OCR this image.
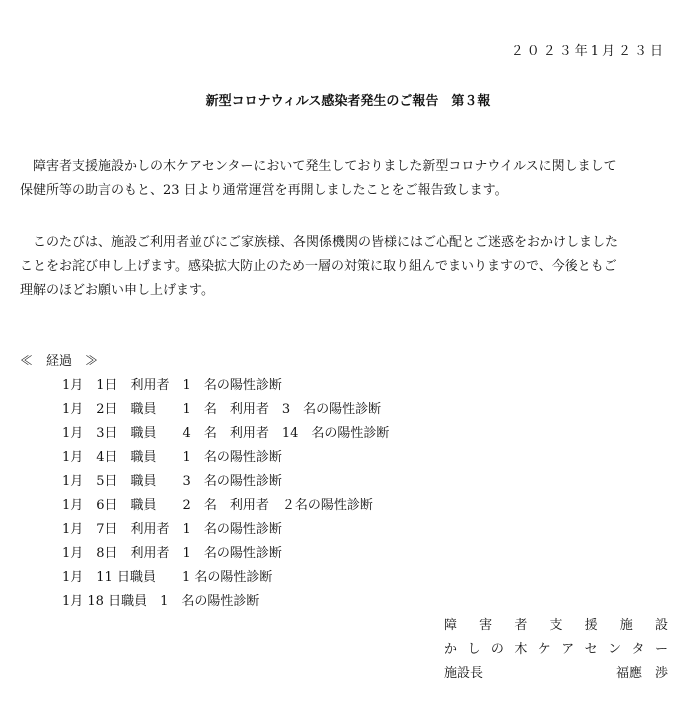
２０２３年1月２３日
新型コロナウィルス感染者発生のご報告　第３報

　障害者支援施設かしの木ケアセンターにおいて発生しておりました新型コロナウイルスに関しまして
保健所等の助言のもと、23 日より通常運営を再開しましたことをご報告致します。

　このたびは、施設ご利用者並びにご家族様、各関係機関の皆様にはご心配とご迷惑をおかけしました
ことをお詫び申し上げます。感染拡大防止のため一層の対策に取り組んでまいりますので、今後ともご
理解のほどお願い申し上げます。

≪　経過　≫
1月　1日　利用者　1　名の陽性診断
1月　2日　職員　　1　名　利用者　3　名の陽性診断
1月　3日　職員　　4　名　利用者　14　名の陽性診断
1月　4日　職員　　1　名の陽性診断
1月　5日　職員　　3　名の陽性診断
1月　6日　職員　　2　名　利用者　２名の陽性診断
1月　7日　利用者　1　名の陽性診断
1月　8日　利用者　1　名の陽性診断
1月　11 日職員　　1 名の陽性診断
1月 18 日職員　1　名の陽性診断
障 害 者 支 援 施 設
か し の 木 ケ ア セ ン タ ー
施設長	福應　渉
